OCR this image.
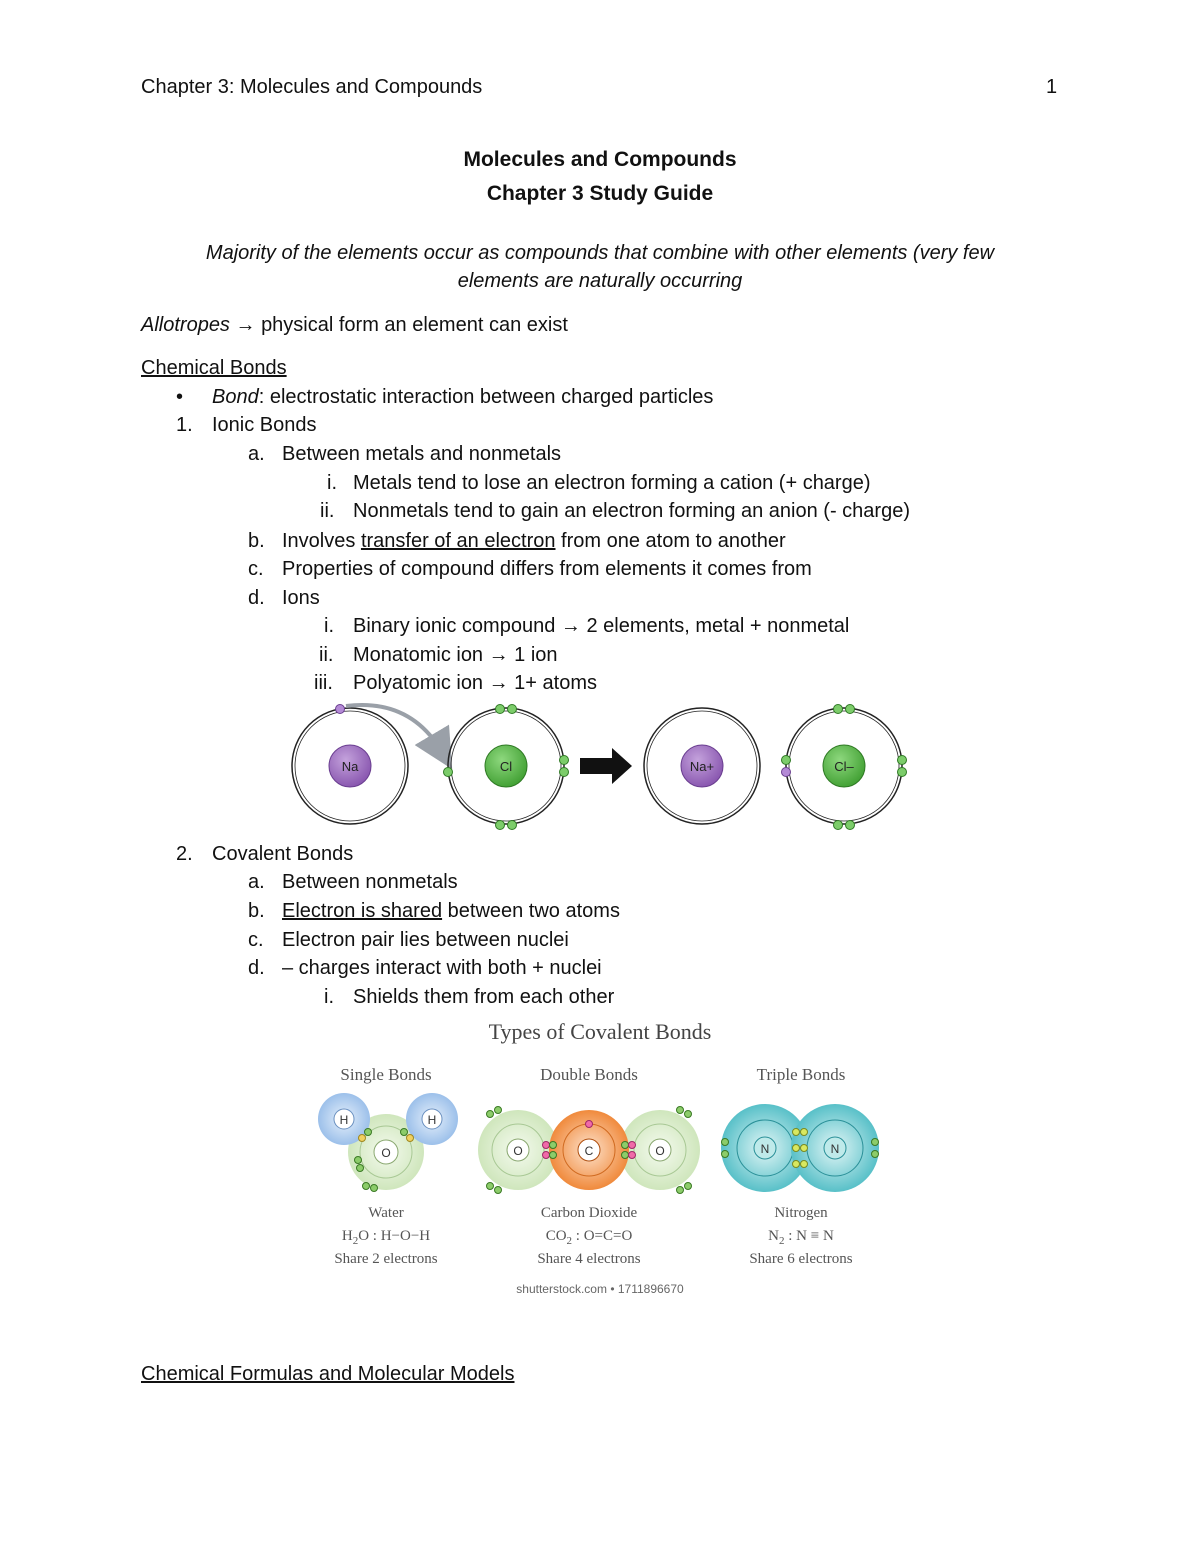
Chapter 3: Molecules and Compounds	1
Molecules and Compounds
Chapter 3 Study Guide
Majority of the elements occur as compounds that combine with other elements (very few
elements are naturally occurring
Allotropes → physical form an element can exist
Chemical Bonds
• Bond: electrostatic interaction between charged particles
1. Ionic Bonds
a. Between metals and nonmetals
i. Metals tend to lose an electron forming a cation (+ charge)
ii. Nonmetals tend to gain an electron forming an anion (- charge)
b. Involves transfer of an electron from one atom to another
c. Properties of compound differs from elements it comes from
d. Ions
i. Binary ionic compound → 2 elements, metal + nonmetal
ii. Monatomic ion → 1 ion
iii. Polyatomic ion → 1+ atoms
Na	Cl	Na+	Cl–
2. Covalent Bonds
a. Between nonmetals
b. Electron is shared between two atoms
c. Electron pair lies between nuclei
d. – charges interact with both + nuclei
i. Shields them from each other
Types of Covalent Bonds
Single Bonds
O
H	H
Water
$H_2O$ : H−O−H
Share 2 electrons
Double Bonds
O	O
C
Carbon Dioxide
$CO_2$ : O=C=O
Share 4 electrons
Triple Bonds
N	N
Nitrogen
$N_2$ : N ≡ N
Share 6 electrons
shutterstock.com • 1711896670
Chemical Formulas and Molecular Models
